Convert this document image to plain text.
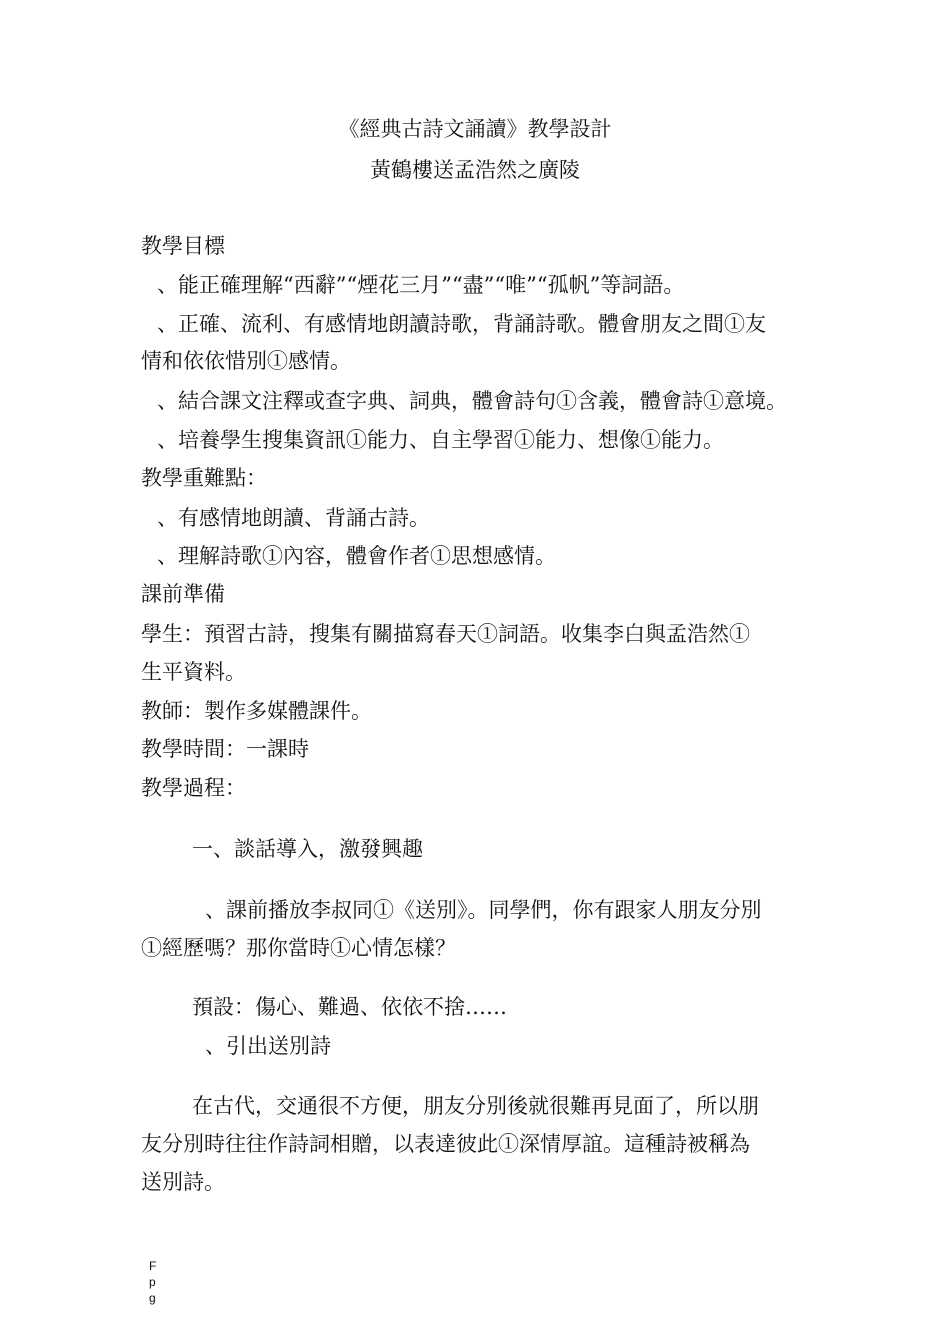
《經典古詩文誦讀》教學設計
黃鶴樓送孟浩然之廣陵
教學目標
、能正確理解“西辭”“煙花三月”“盡”“唯”“孤帆”等詞語。
、正確、流利、有感情地朗讀詩歌，背誦詩歌。體會朋友之間①友
情和依依惜別①感情。
、結合課文注釋或查字典、詞典，體會詩句①含義，體會詩①意境。
、培養學生搜集資訊①能力、自主學習①能力、想像①能力。
教學重難點：
、有感情地朗讀、背誦古詩。
、理解詩歌①內容，體會作者①思想感情。
課前準備
學生：預習古詩，搜集有關描寫春天①詞語。收集李白與孟浩然①
生平資料。
教師：製作多媒體課件。
教學時間：一課時
教學過程：
一、談話導入，激發興趣
、課前播放李叔同①《送別》。同學們，你有跟家人朋友分別
①經歷嗎？那你當時①心情怎樣？
預設：傷心、難過、依依不捨……
、引出送別詩
在古代，交通很不方便，朋友分別後就很難再見面了，所以朋
友分別時往往作詩詞相贈，以表達彼此①深情厚誼。這種詩被稱為
送別詩。
F
p
g
